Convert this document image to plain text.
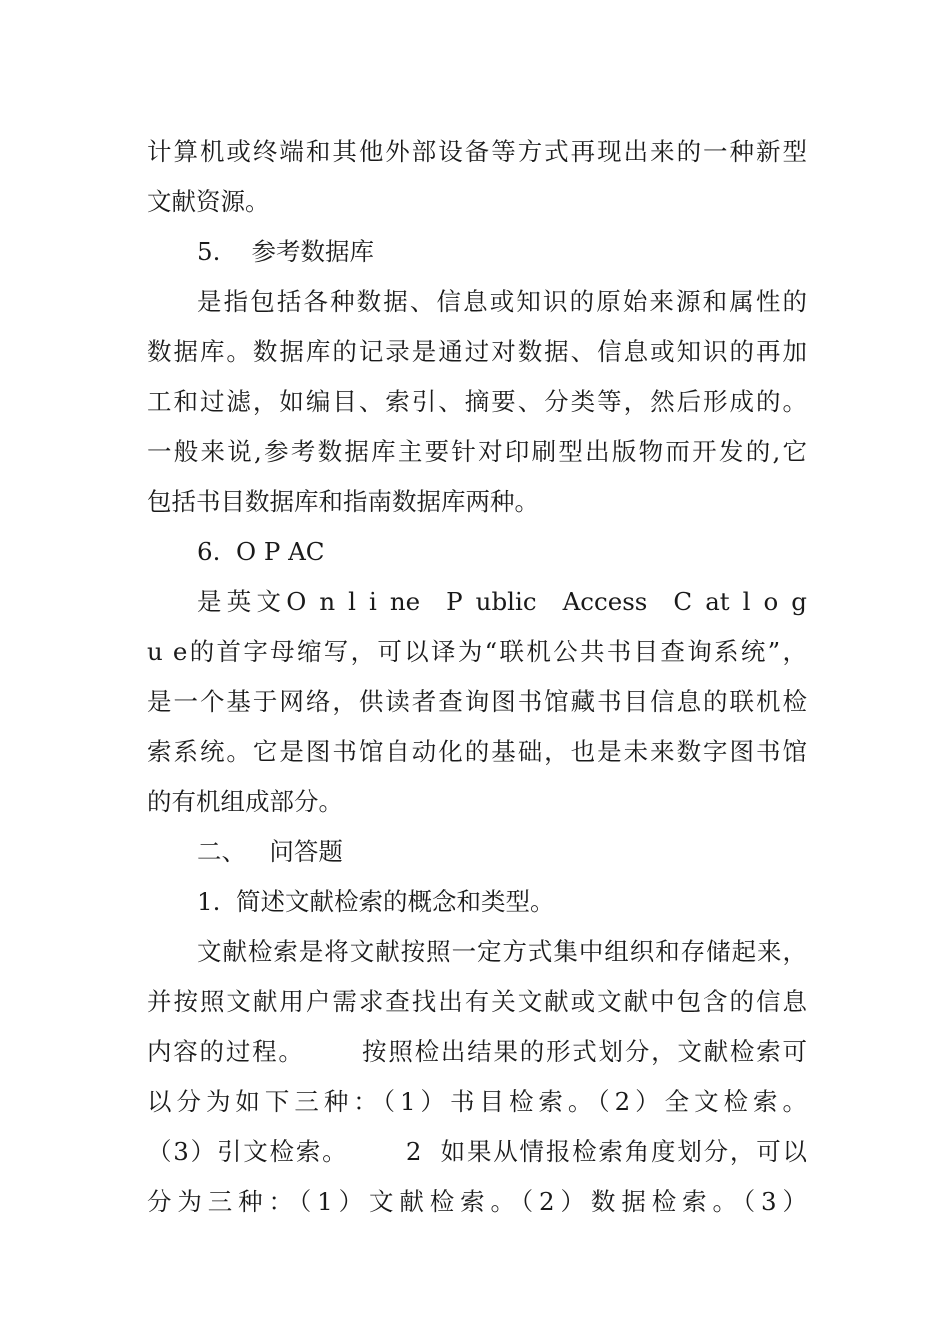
计算机或终端和其他外部设备等方式再现出来的一种新型
文献资源。
5.    参考数据库
是指包括各种数据、信息或知识的原始来源和属性的
数据库。数据库的记录是通过对数据、信息或知识的再加
工和过滤，如编目、索引、摘要、分类等，然后形成的。
一般来说,参考数据库主要针对印刷型出版物而开发的,它
包括书目数据库和指南数据库两种。
6.  O P AC
是英文O n l i ne  P ublic  Access  C at l o g
u e的首字母缩写，可以译为“联机公共书目查询系统”，
是一个基于网络，供读者查询图书馆藏书目信息的联机检
索系统。它是图书馆自动化的基础，也是未来数字图书馆
的有机组成部分。
二、   问答题
1.  简述文献检索的概念和类型。
文献检索是将文献按照一定方式集中组织和存储起来，
并按照文献用户需求查找出有关文献或文献中包含的信息
内容的过程。      按照检出结果的形式划分，文献检索可
以分为如下三种：（1）书目检索。（2）全文检索。
（3）引文检索。      2  如果从情报检索角度划分，可以
分为三种：（1）文献检索。（2）数据检索。（3）
